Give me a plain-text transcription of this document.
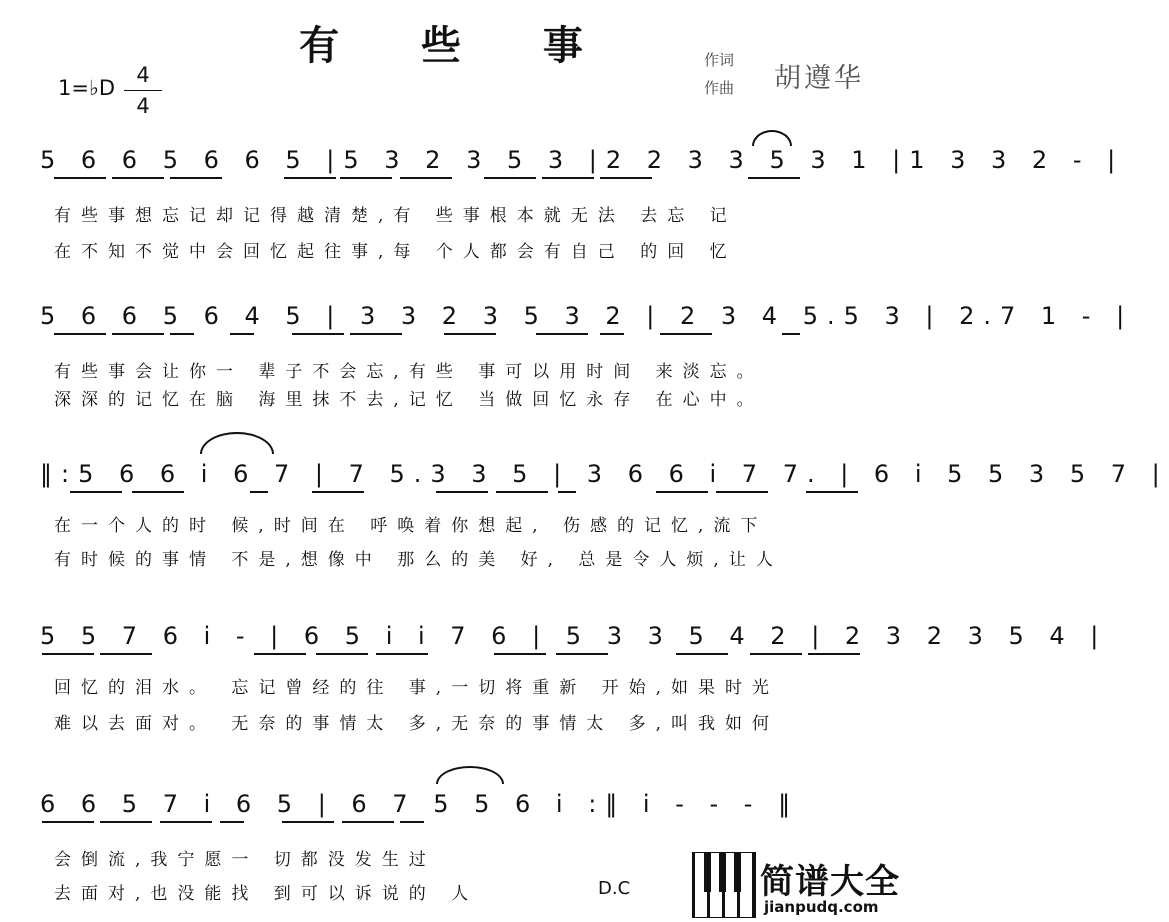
有 些 事
1=♭D
4
4
作词
作曲 胡遵华
5 6 6 5 6 6 5 |5 3 2 3 5 3 |2 2 3 3 5 3 1 |1 3 3 2 - |
有些事想忘记却记得越清楚,有 些事根本就无法 去忘 记
在不知不觉中会回忆起往事,每 个人都会有自己 的回 忆
5 6 6 5 6 4 5 | 3 3 2 3 5 3 2 | 2 3 4 5.5 3 | 2.7 1 - |
有些事会让你一 辈子不会忘,有些 事可以用时间 来淡忘。
深深的记忆在脑 海里抹不去,记忆 当做回忆永存 在心中。
‖:5 6 6 i 6 7 | 7 5.3 3 5 | 3 6 6 i 7 7. | 6 i 5 5 3 5 7 |
在一个人的时 候,时间在 呼唤着你想起, 伤感的记忆,流下
有时候的事情 不是,想像中 那么的美 好, 总是令人烦,让人
5 5 7 6 i - | 6 5 i i 7 6 | 5 3 3 5 4 2 | 2 3 2 3 5 4 |
回忆的泪水。 忘记曾经的往 事,一切将重新 开始,如果时光
难以去面对。 无奈的事情太 多,无奈的事情太 多,叫我如何
6 6 5 7 i 6 5 | 6 7 5 5 6 i :‖ i - - - ‖
会倒流,我宁愿一 切都没发生过
去面对,也没能找 到可以诉说的 人	D.C	简谱大全
jianpudq.com
